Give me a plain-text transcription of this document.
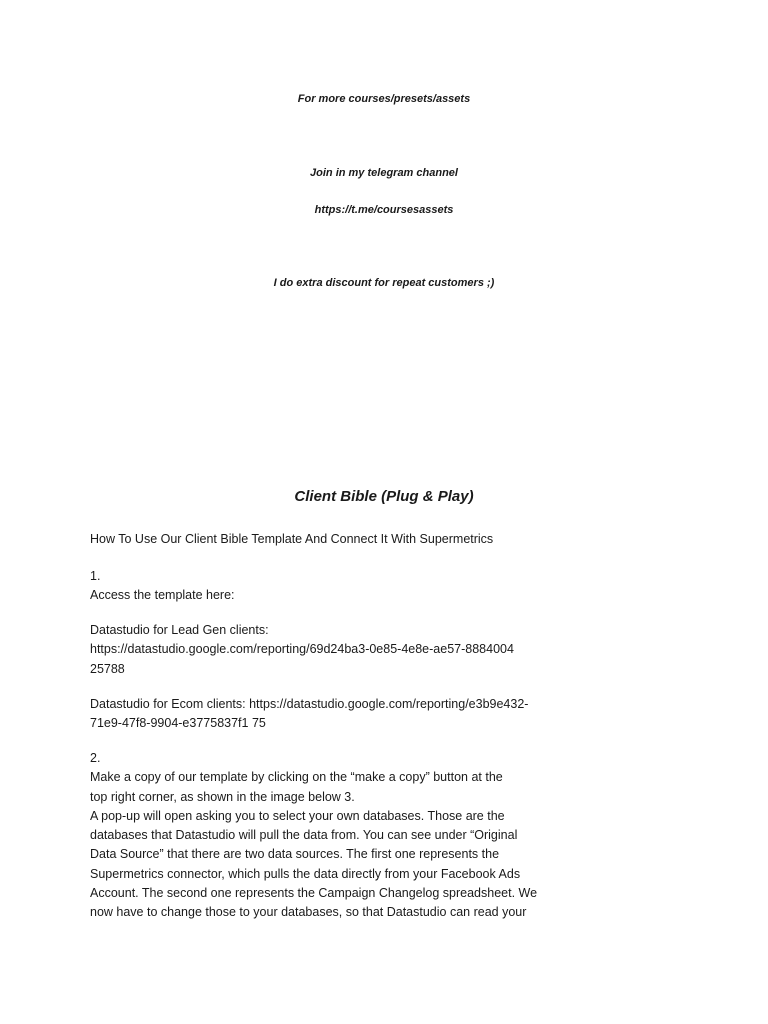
For more courses/presets/assets
Join in my telegram channel
https://t.me/coursesassets
I do extra discount for repeat customers ;)
Client Bible (Plug & Play)

How To Use Our Client Bible Template And Connect It With Supermetrics

1.
Access the template here:

Datastudio for Lead Gen clients:
https://datastudio.google.com/reporting/69d24ba3-0e85-4e8e-ae57-8884004
25788

Datastudio for Ecom clients: https://datastudio.google.com/reporting/e3b9e432-
71e9-47f8-9904-e3775837f1 75

2.
Make a copy of our template by clicking on the “make a copy” button at the
top right corner, as shown in the image below 3.
A pop-up will open asking you to select your own databases. Those are the
databases that Datastudio will pull the data from. You can see under “Original
Data Source” that there are two data sources. The first one represents the
Supermetrics connector, which pulls the data directly from your Facebook Ads
Account. The second one represents the Campaign Changelog spreadsheet. We
now have to change those to your databases, so that Datastudio can read your
